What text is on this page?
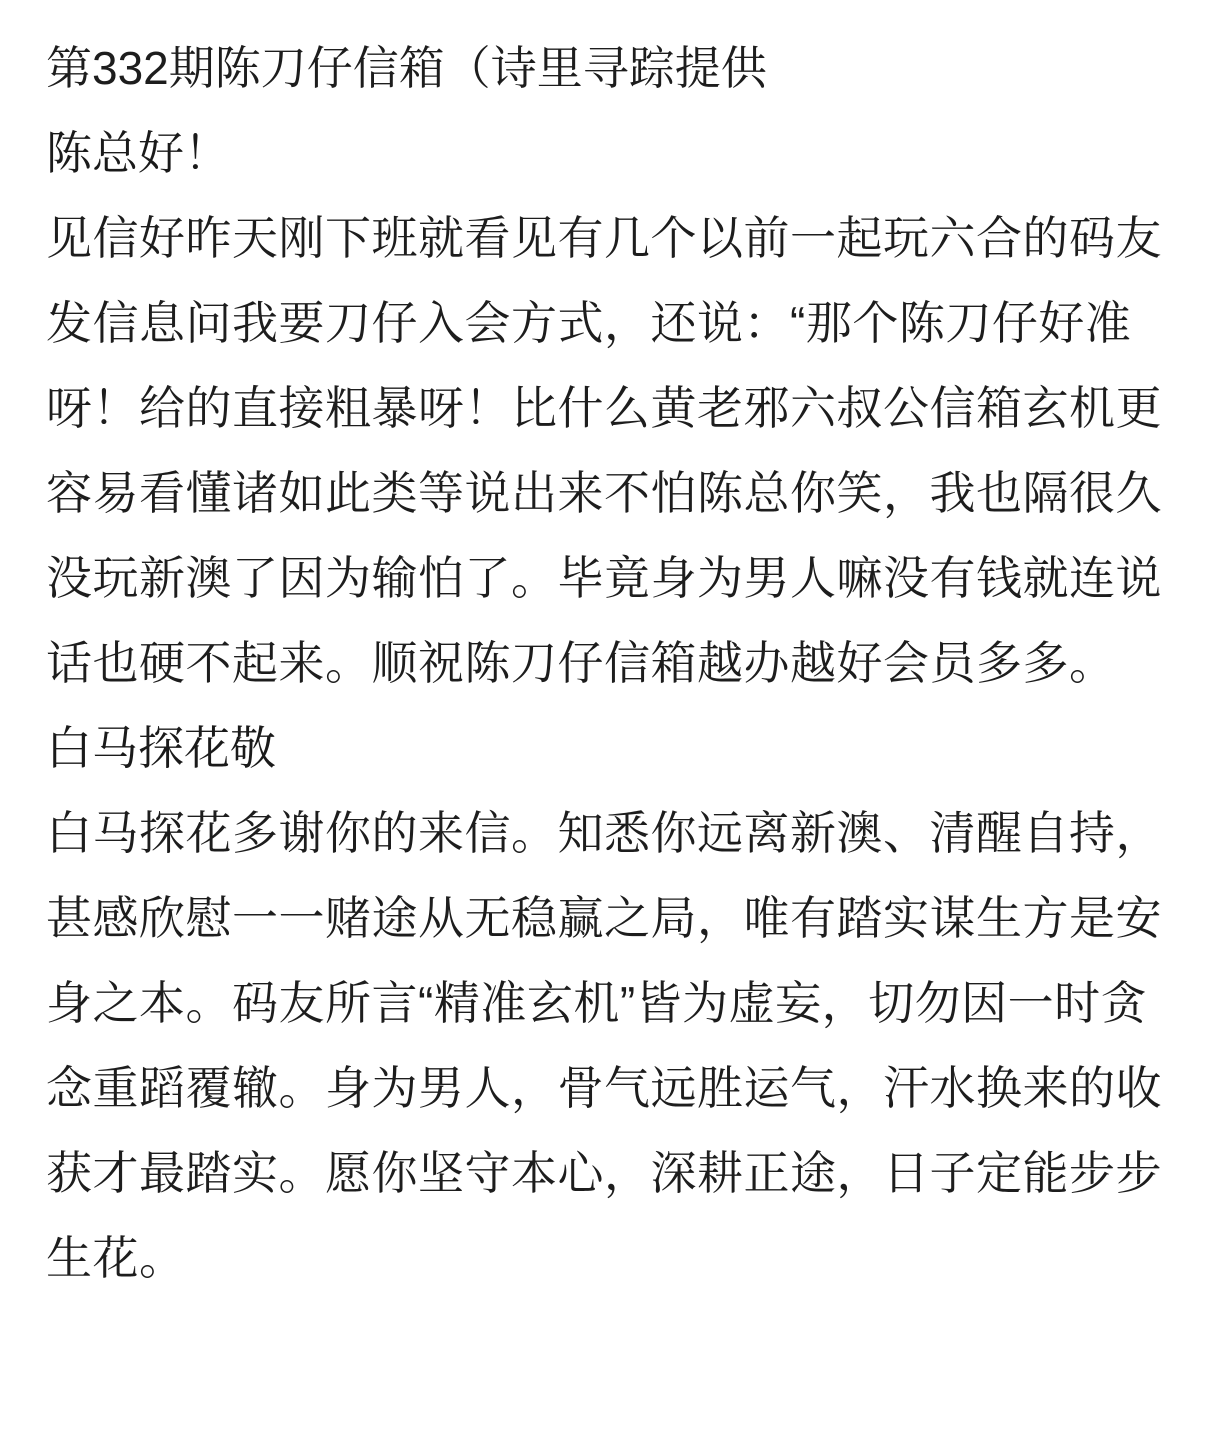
第332期陈刀仔信箱（诗里寻踪提供
陈总好！
见信好昨天刚下班就看见有几个以前一起玩六合的码友发信息问我要刀仔入会方式，还说：“那个陈刀仔好准呀！给的直接粗暴呀！比什么黄老邪六叔公信箱玄机更容易看懂诸如此类等说出来不怕陈总你笑，我也隔很久没玩新澳了因为输怕了。毕竟身为男人嘛没有钱就连说话也硬不起来。顺祝陈刀仔信箱越办越好会员多多。
白马探花敬
白马探花多谢你的来信。知悉你远离新澳、清醒自持，甚感欣慰一一赌途从无稳赢之局，唯有踏实谋生方是安身之本。码友所言“精准玄机”皆为虚妄，切勿因一时贪念重蹈覆辙。身为男人，骨气远胜运气，汗水换来的收获才最踏实。愿你坚守本心，深耕正途，日子定能步步生花。
